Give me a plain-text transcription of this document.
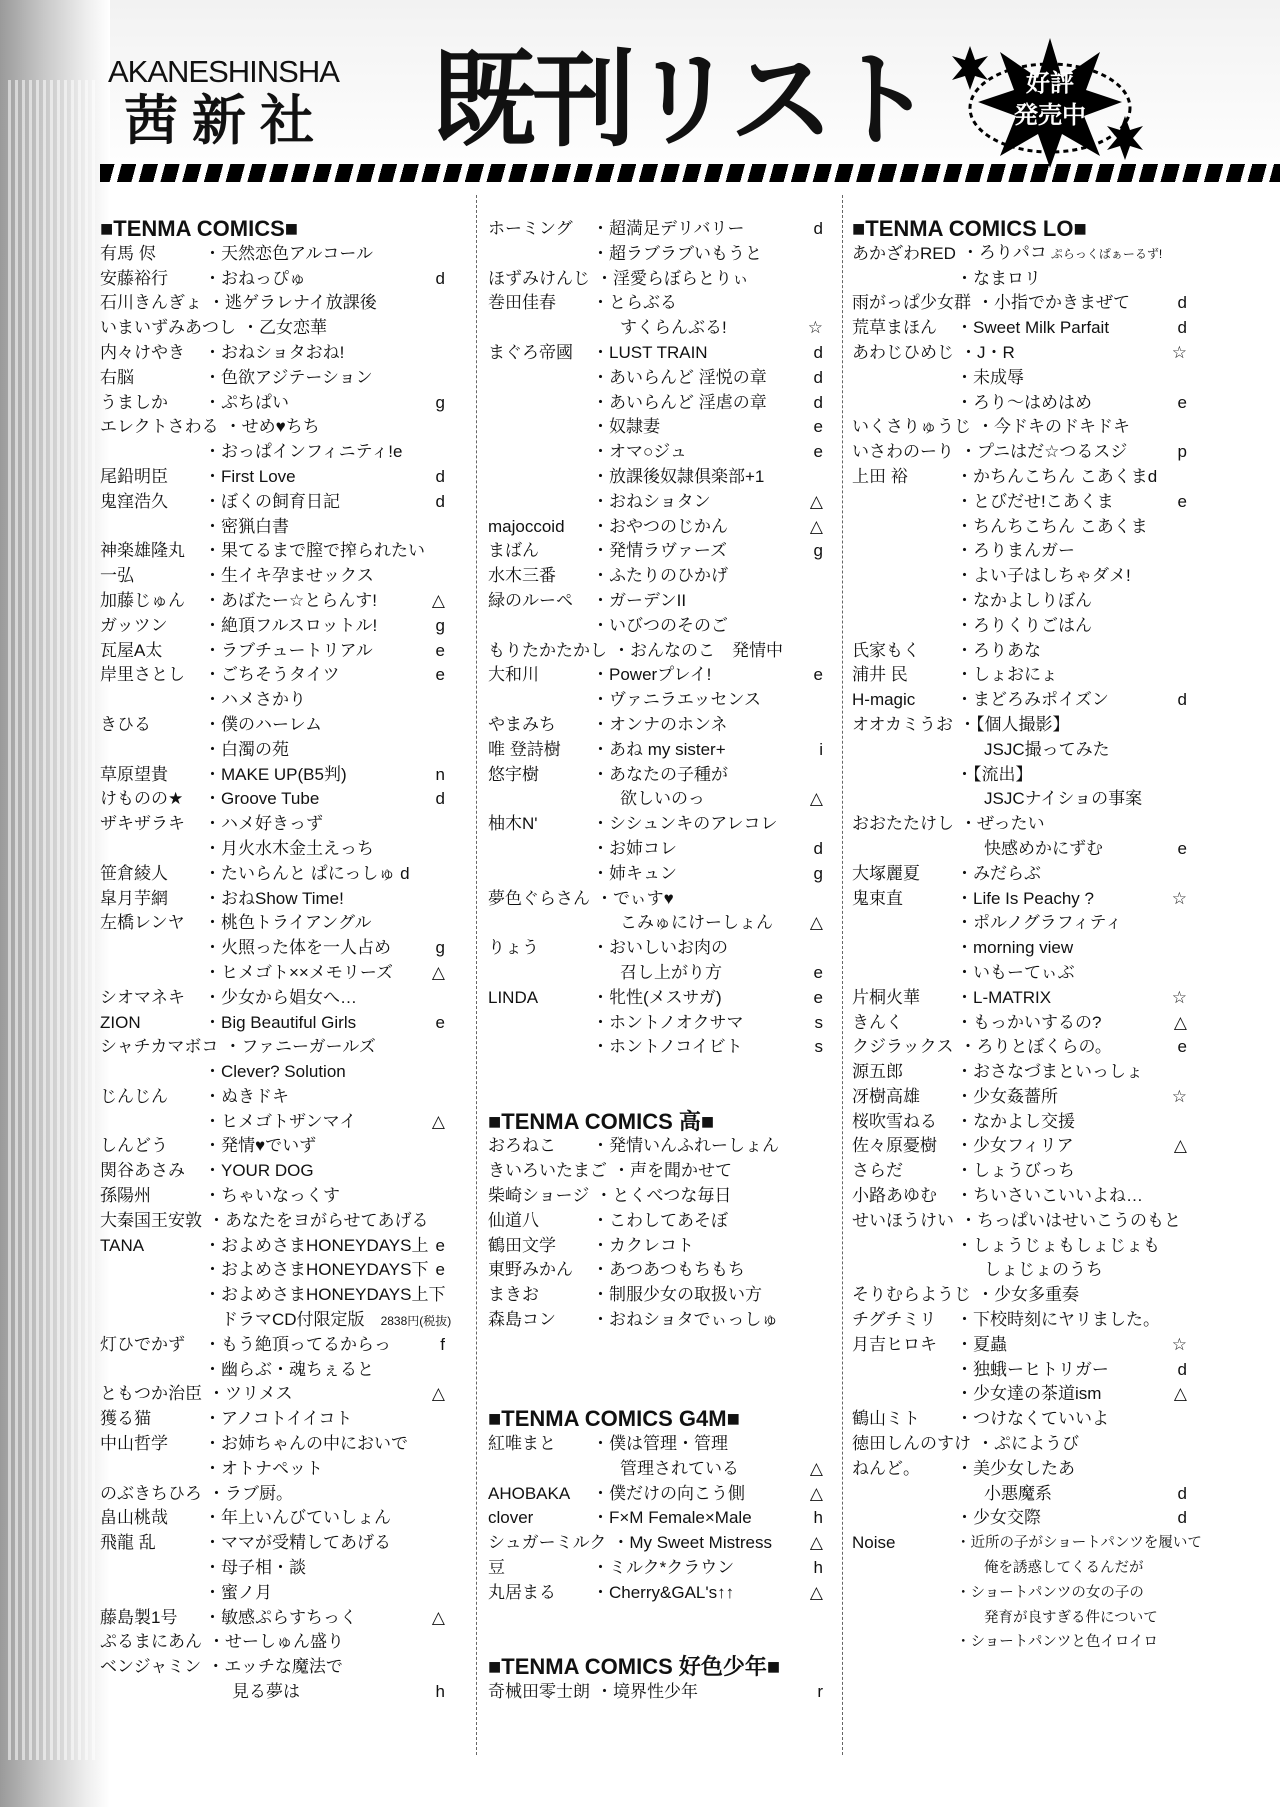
AKANESHINSHA
茜新社 既刊リスト	好評
発売中
■TENMA COMICS■
有馬 侭	・天然恋色アルコール
安藤裕行	・おねっぴゅ	d
石川きんぎょ ・逃ゲラレナイ放課後
いまいずみあつし ・乙女恋華
内々けやき	・おねショタおね!
右脳	・色欲アジテーション
うましか	・ぷちぱい	g
エレクトさわる ・せめ♥ちち
・おっぱインフィニティ!e
尾鉛明臣	・First Love	d
鬼窪浩久	・ぼくの飼育日記	d
・密猟白書
神楽雄隆丸	・果てるまで膣で搾られたい
一弘	・生イキ孕ませックス
加藤じゅん	・あばたー☆とらんす!	△
ガッツン	・絶頂フルスロットル!	g
瓦屋A太	・ラブチュートリアル	e
岸里さとし	・ごちそうタイツ	e
・ハメさかり
きひる	・僕のハーレム
・白濁の苑
草原望貴	・MAKE UP(B5判)	n
けものの★	・Groove Tube	d
ザキザラキ	・ハメ好きっず
・月火水木金土えっち
笹倉綾人	・たいらんと ぱにっしゅ d
皐月芋網	・おねShow Time!
左橋レンヤ	・桃色トライアングル
・火照った体を一人占め	g
・ヒメゴト××メモリーズ	△
シオマネキ	・少女から娼女へ…
ZION	・Big Beautiful Girls	e
シャチカマボコ ・ファニーガールズ
・Clever? Solution
じんじん	・ぬきドキ
・ヒメゴトザンマイ	△
しんどう	・発情♥でいず
関谷あさみ	・YOUR DOG
孫陽州	・ちゃいなっくす
大秦国王安敦 ・あなたをヨがらせてあげる
TANA	・およめさまHONEYDAYS上 e
・およめさまHONEYDAYS下 e
・およめさまHONEYDAYS上下
　ドラマCD付限定版　2838円(税抜)
灯ひでかず	・もう絶頂ってるからっ	f
・幽らぶ・魂ちぇると
ともつか治臣 ・ツリメス	△
獲る猫	・アノコトイイコト
中山哲学	・お姉ちゃんの中においで
・オトナペット
のぶきちひろ ・ラブ厨。
畠山桃哉	・年上いんびていしょん
飛龍 乱	・ママが受精してあげる
・母子相・談
・蜜ノ月
藤島製1号	・敏感ぷらすちっく	△
ぷるまにあん ・せーしゅん盛り
ベンジャミン ・エッチな魔法で
見る夢は	h
ホーミング	・超満足デリバリー	d
・超ラブラブいもうと
ほずみけんじ ・淫愛らぼらとりぃ
巻田佳春	・とらぶる
すくらんぶる!	☆
まぐろ帝國	・LUST TRAIN	d
・あいらんど 淫悦の章	d
・あいらんど 淫虐の章	d
・奴隷妻	e
・オマ○ジュ	e
・放課後奴隷倶楽部+1
・おねショタン	△
majoccoid	・おやつのじかん	△
まばん	・発情ラヴァーズ	g
水木三番	・ふたりのひかげ
緑のルーペ	・ガーデンII
・いびつのそのご
もりたかたかし ・おんなのこ　発情中
大和川	・Powerプレイ!	e
・ヴァニラエッセンス
やまみち	・オンナのホンネ
唯 登詩樹	・あね my sister+	i
悠宇樹	・あなたの子種が
欲しいのっ	△
柚木N'	・シシュンキのアレコレ
・お姉コレ	d
・姉キュン	g
夢色ぐらさん ・でぃす♥
こみゅにけーしょん	△
りょう	・おいしいお肉の
召し上がり方	e
LINDA	・牝性(メスサガ)	e
・ホントノオクサマ	s
・ホントノコイビト	s
■TENMA COMICS 高■
おろねこ	・発情いんふれーしょん
きいろいたまご ・声を聞かせて
柴崎ショージ ・とくべつな毎日
仙道八	・こわしてあそぼ
鶴田文学	・カクレコト
東野みかん	・あつあつもちもち
まきお	・制服少女の取扱い方
森島コン	・おねショタでぃっしゅ
■TENMA COMICS G4M■
紅唯まと	・僕は管理・管理
管理されている	△
AHOBAKA	・僕だけの向こう側	△
clover	・F×M Female×Male	h
シュガーミルク ・My Sweet Mistress	△
豆	・ミルク*クラウン	h
丸居まる	・Cherry&GAL's↑↑	△
■TENMA COMICS 好色少年■
奇械田零士朗 ・境界性少年	r
■TENMA COMICS LO■
あかざわRED ・ろりパコ ぷらっくぱぁーるず!
・なまロリ
雨がっぱ少女群 ・小指でかきまぜて	d
荒草まほん	・Sweet Milk Parfait	d
あわじひめじ ・J・R	☆
・未成辱
・ろり〜はめはめ	e
いくさりゅうじ ・今ドキのドキドキ
いさわのーり ・プニはだ☆つるスジ	p
上田 裕	・かちんこちん こあくまd
・とびだせ!こあくま	e
・ちんちこちん こあくま
・ろりまんガー
・よい子はしちゃダメ!
・なかよしりぼん
・ろりくりごはん
氏家もく	・ろりあな
浦井 民	・しょおにょ
H-magic	・まどろみポイズン	d
オオカミうお ・【個人撮影】
JSJC撮ってみた
・【流出】
JSJCナイショの事案
おおたたけし ・ぜったい
快感めかにずむ	e
大塚麗夏	・みだらぶ
鬼束直	・Life Is Peachy ?	☆
・ポルノグラフィティ
・morning view
・いもーてぃぶ
片桐火華	・L-MATRIX	☆
きんく	・もっかいするの?	△
クジラックス ・ろりとぼくらの。	e
源五郎	・おさなづまといっしょ
冴樹高雄	・少女姦薔所	☆
桜吹雪ねる	・なかよし交援
佐々原憂樹	・少女フィリア	△
さらだ	・しょうびっち
小路あゆむ	・ちいさいこいいよね…
せいほうけい ・ちっぱいはせいこうのもと
・しょうじょもしょじょも
しょじょのうち
そりむらようじ ・少女多重奏
チグチミリ	・下校時刻にヤリました。
月吉ヒロキ	・夏蟲	☆
・独蛾ーヒトリガー	d
・少女達の茶道ism	△
鶴山ミト	・つけなくていいよ
徳田しんのすけ ・ぷにようび
ねんど。	・美少女したあ
小悪魔系	d
・少女交際	d
Noise	・近所の子がショートパンツを履いて
俺を誘惑してくるんだが
・ショートパンツの女の子の
発育が良すぎる件について
・ショートパンツと色イロイロ
